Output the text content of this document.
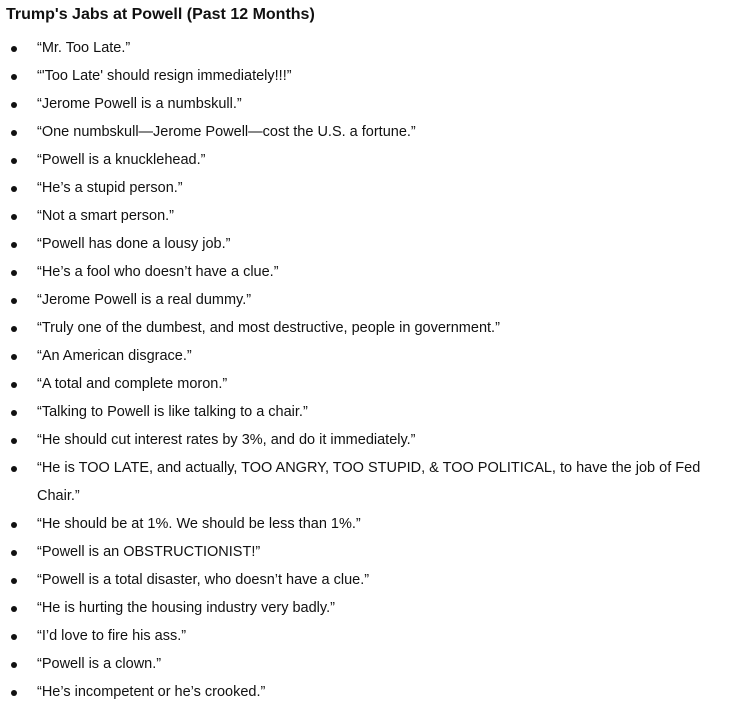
Trump's Jabs at Powell (Past 12 Months)
“Mr. Too Late.”
“'Too Late' should resign immediately!!!”
“Jerome Powell is a numbskull.”
“One numbskull—Jerome Powell—cost the U.S. a fortune.”
“Powell is a knucklehead.”
“He’s a stupid person.”
“Not a smart person.”
“Powell has done a lousy job.”
“He’s a fool who doesn’t have a clue.”
“Jerome Powell is a real dummy.”
“Truly one of the dumbest, and most destructive, people in government.”
“An American disgrace.”
“A total and complete moron.”
“Talking to Powell is like talking to a chair.”
“He should cut interest rates by 3%, and do it immediately.”
“He is TOO LATE, and actually, TOO ANGRY, TOO STUPID, & TOO POLITICAL, to have the job of Fed Chair.”
“He should be at 1%. We should be less than 1%.”
“Powell is an OBSTRUCTIONIST!”
“Powell is a total disaster, who doesn’t have a clue.”
“He is hurting the housing industry very badly.”
“I’d love to fire his ass.”
“Powell is a clown.”
“He’s incompetent or he’s crooked.”
